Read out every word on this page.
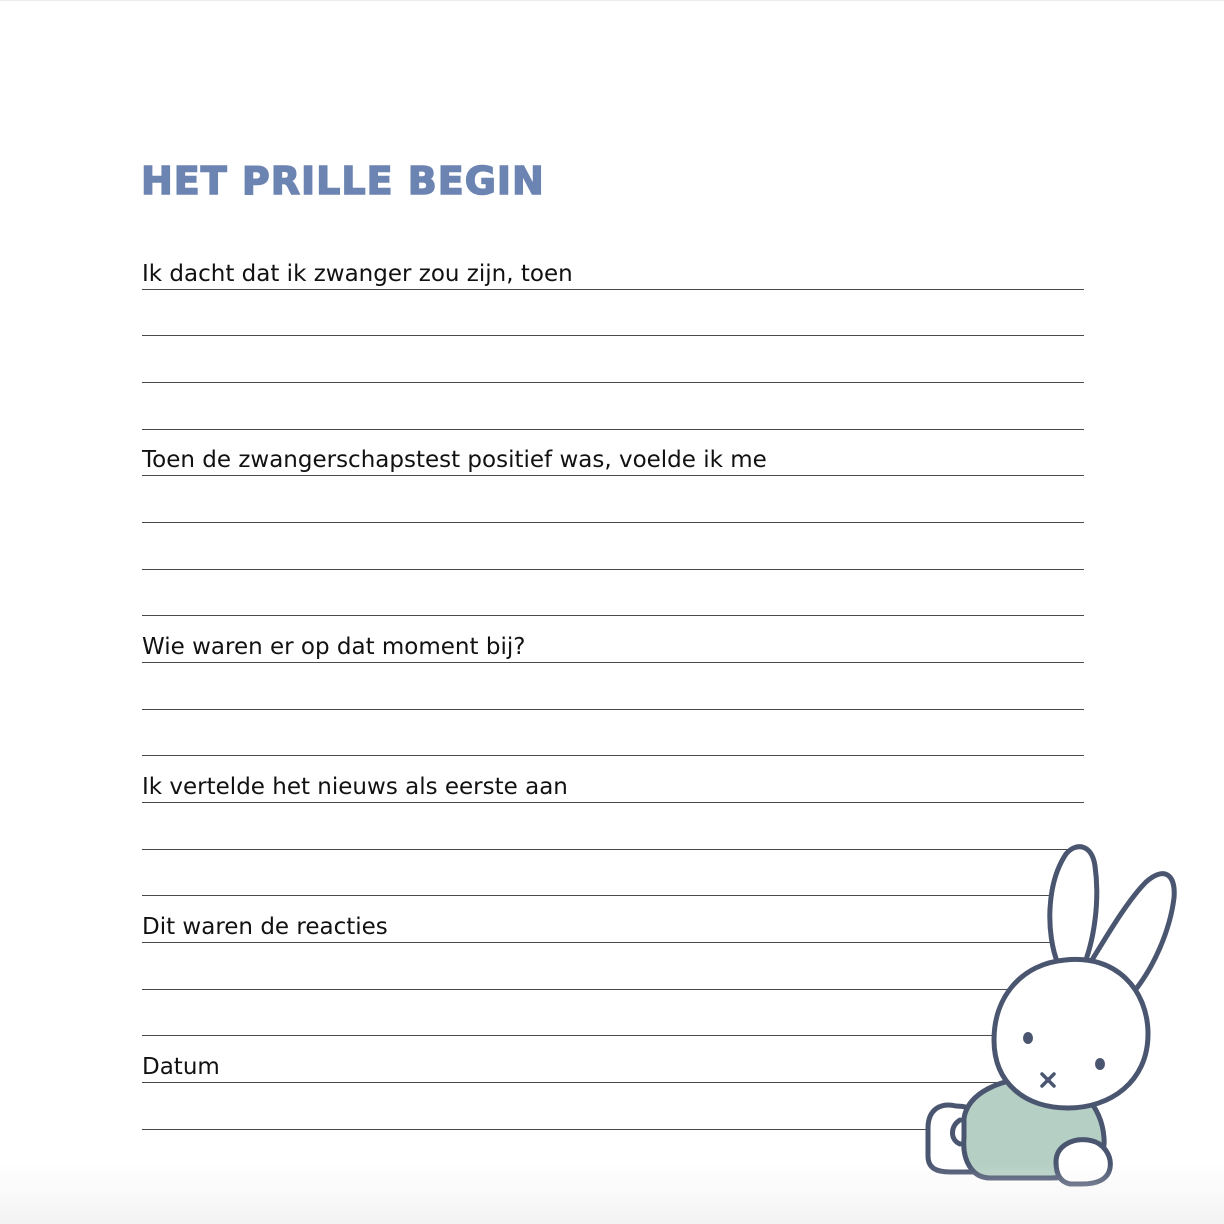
HET PRILLE BEGIN
Ik dacht dat ik zwanger zou zijn, toen
Toen de zwangerschapstest positief was, voelde ik me
Wie waren er op dat moment bij?
Ik vertelde het nieuws als eerste aan
Dit waren de reacties
Datum
